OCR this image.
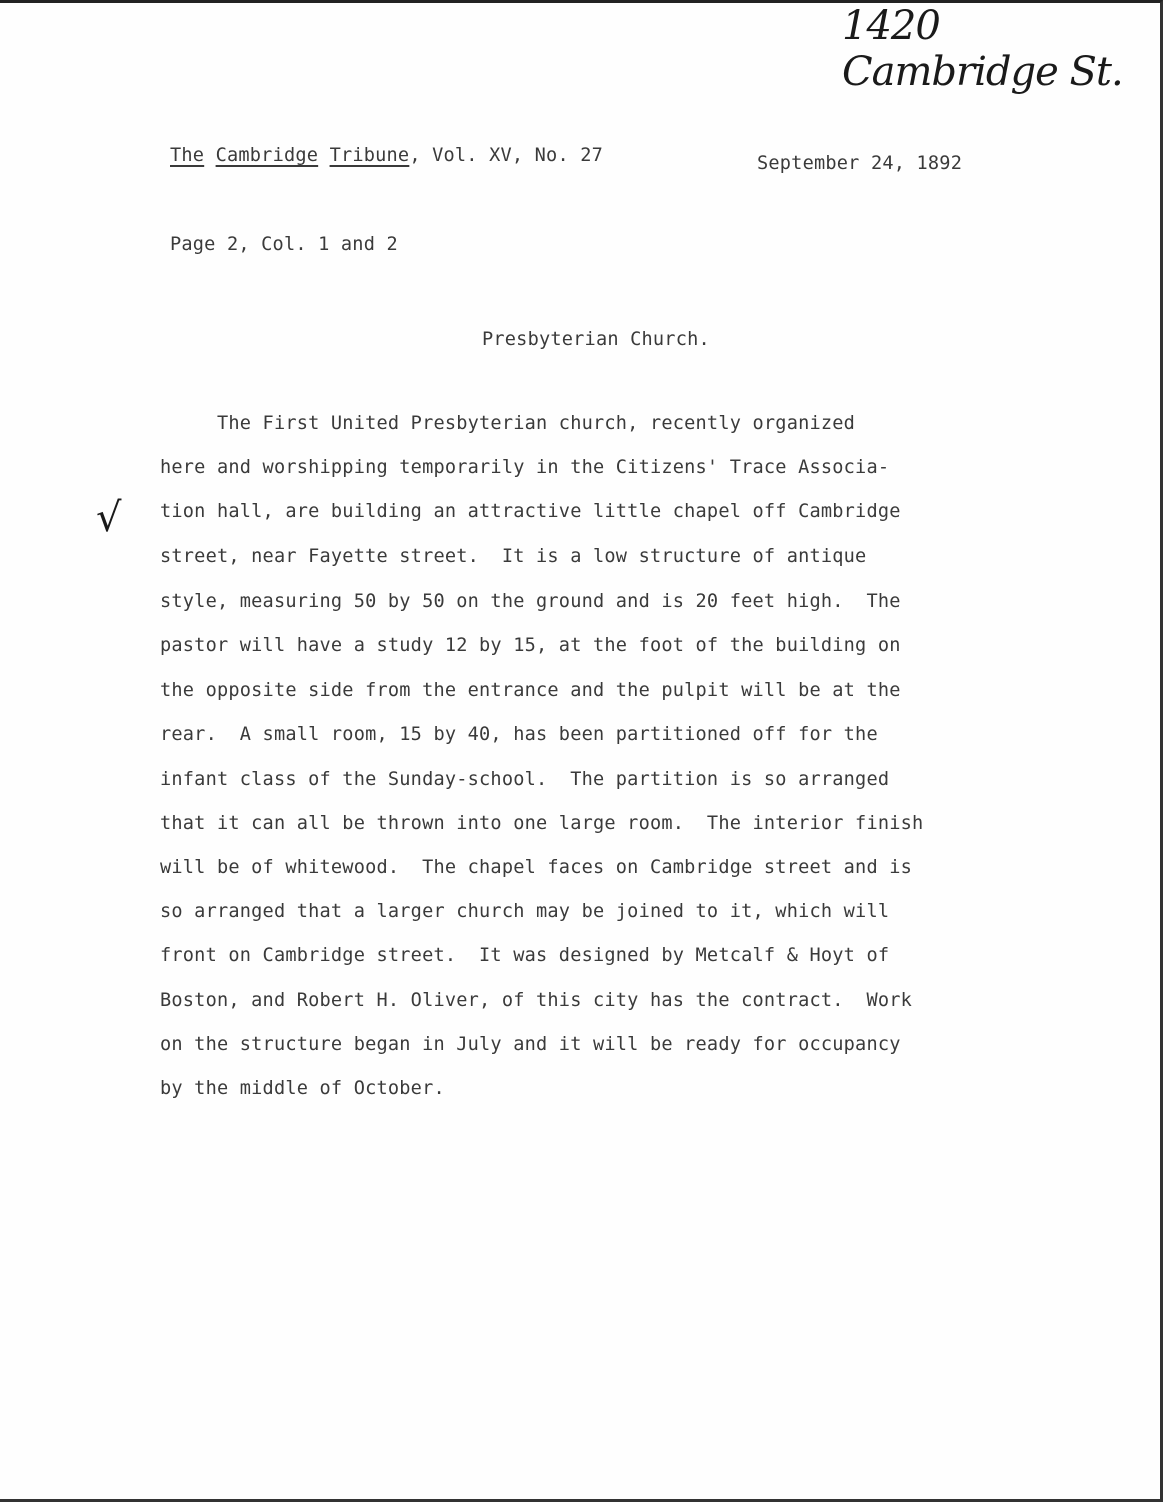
1420 Cambridge St.
√
The Cambridge Tribune, Vol. XV, No. 27	September 24, 1892
Page 2, Col. 1 and 2
Presbyterian Church.
The First United Presbyterian church, recently organized
here and worshipping temporarily in the Citizens' Trace Associa-
tion hall, are building an attractive little chapel off Cambridge
street, near Fayette street.  It is a low structure of antique
style, measuring 50 by 50 on the ground and is 20 feet high.  The
pastor will have a study 12 by 15, at the foot of the building on
the opposite side from the entrance and the pulpit will be at the
rear.  A small room, 15 by 40, has been partitioned off for the
infant class of the Sunday-school.  The partition is so arranged
that it can all be thrown into one large room.  The interior finish
will be of whitewood.  The chapel faces on Cambridge street and is
so arranged that a larger church may be joined to it, which will
front on Cambridge street.  It was designed by Metcalf & Hoyt of
Boston, and Robert H. Oliver, of this city has the contract.  Work
on the structure began in July and it will be ready for occupancy
by the middle of October.
